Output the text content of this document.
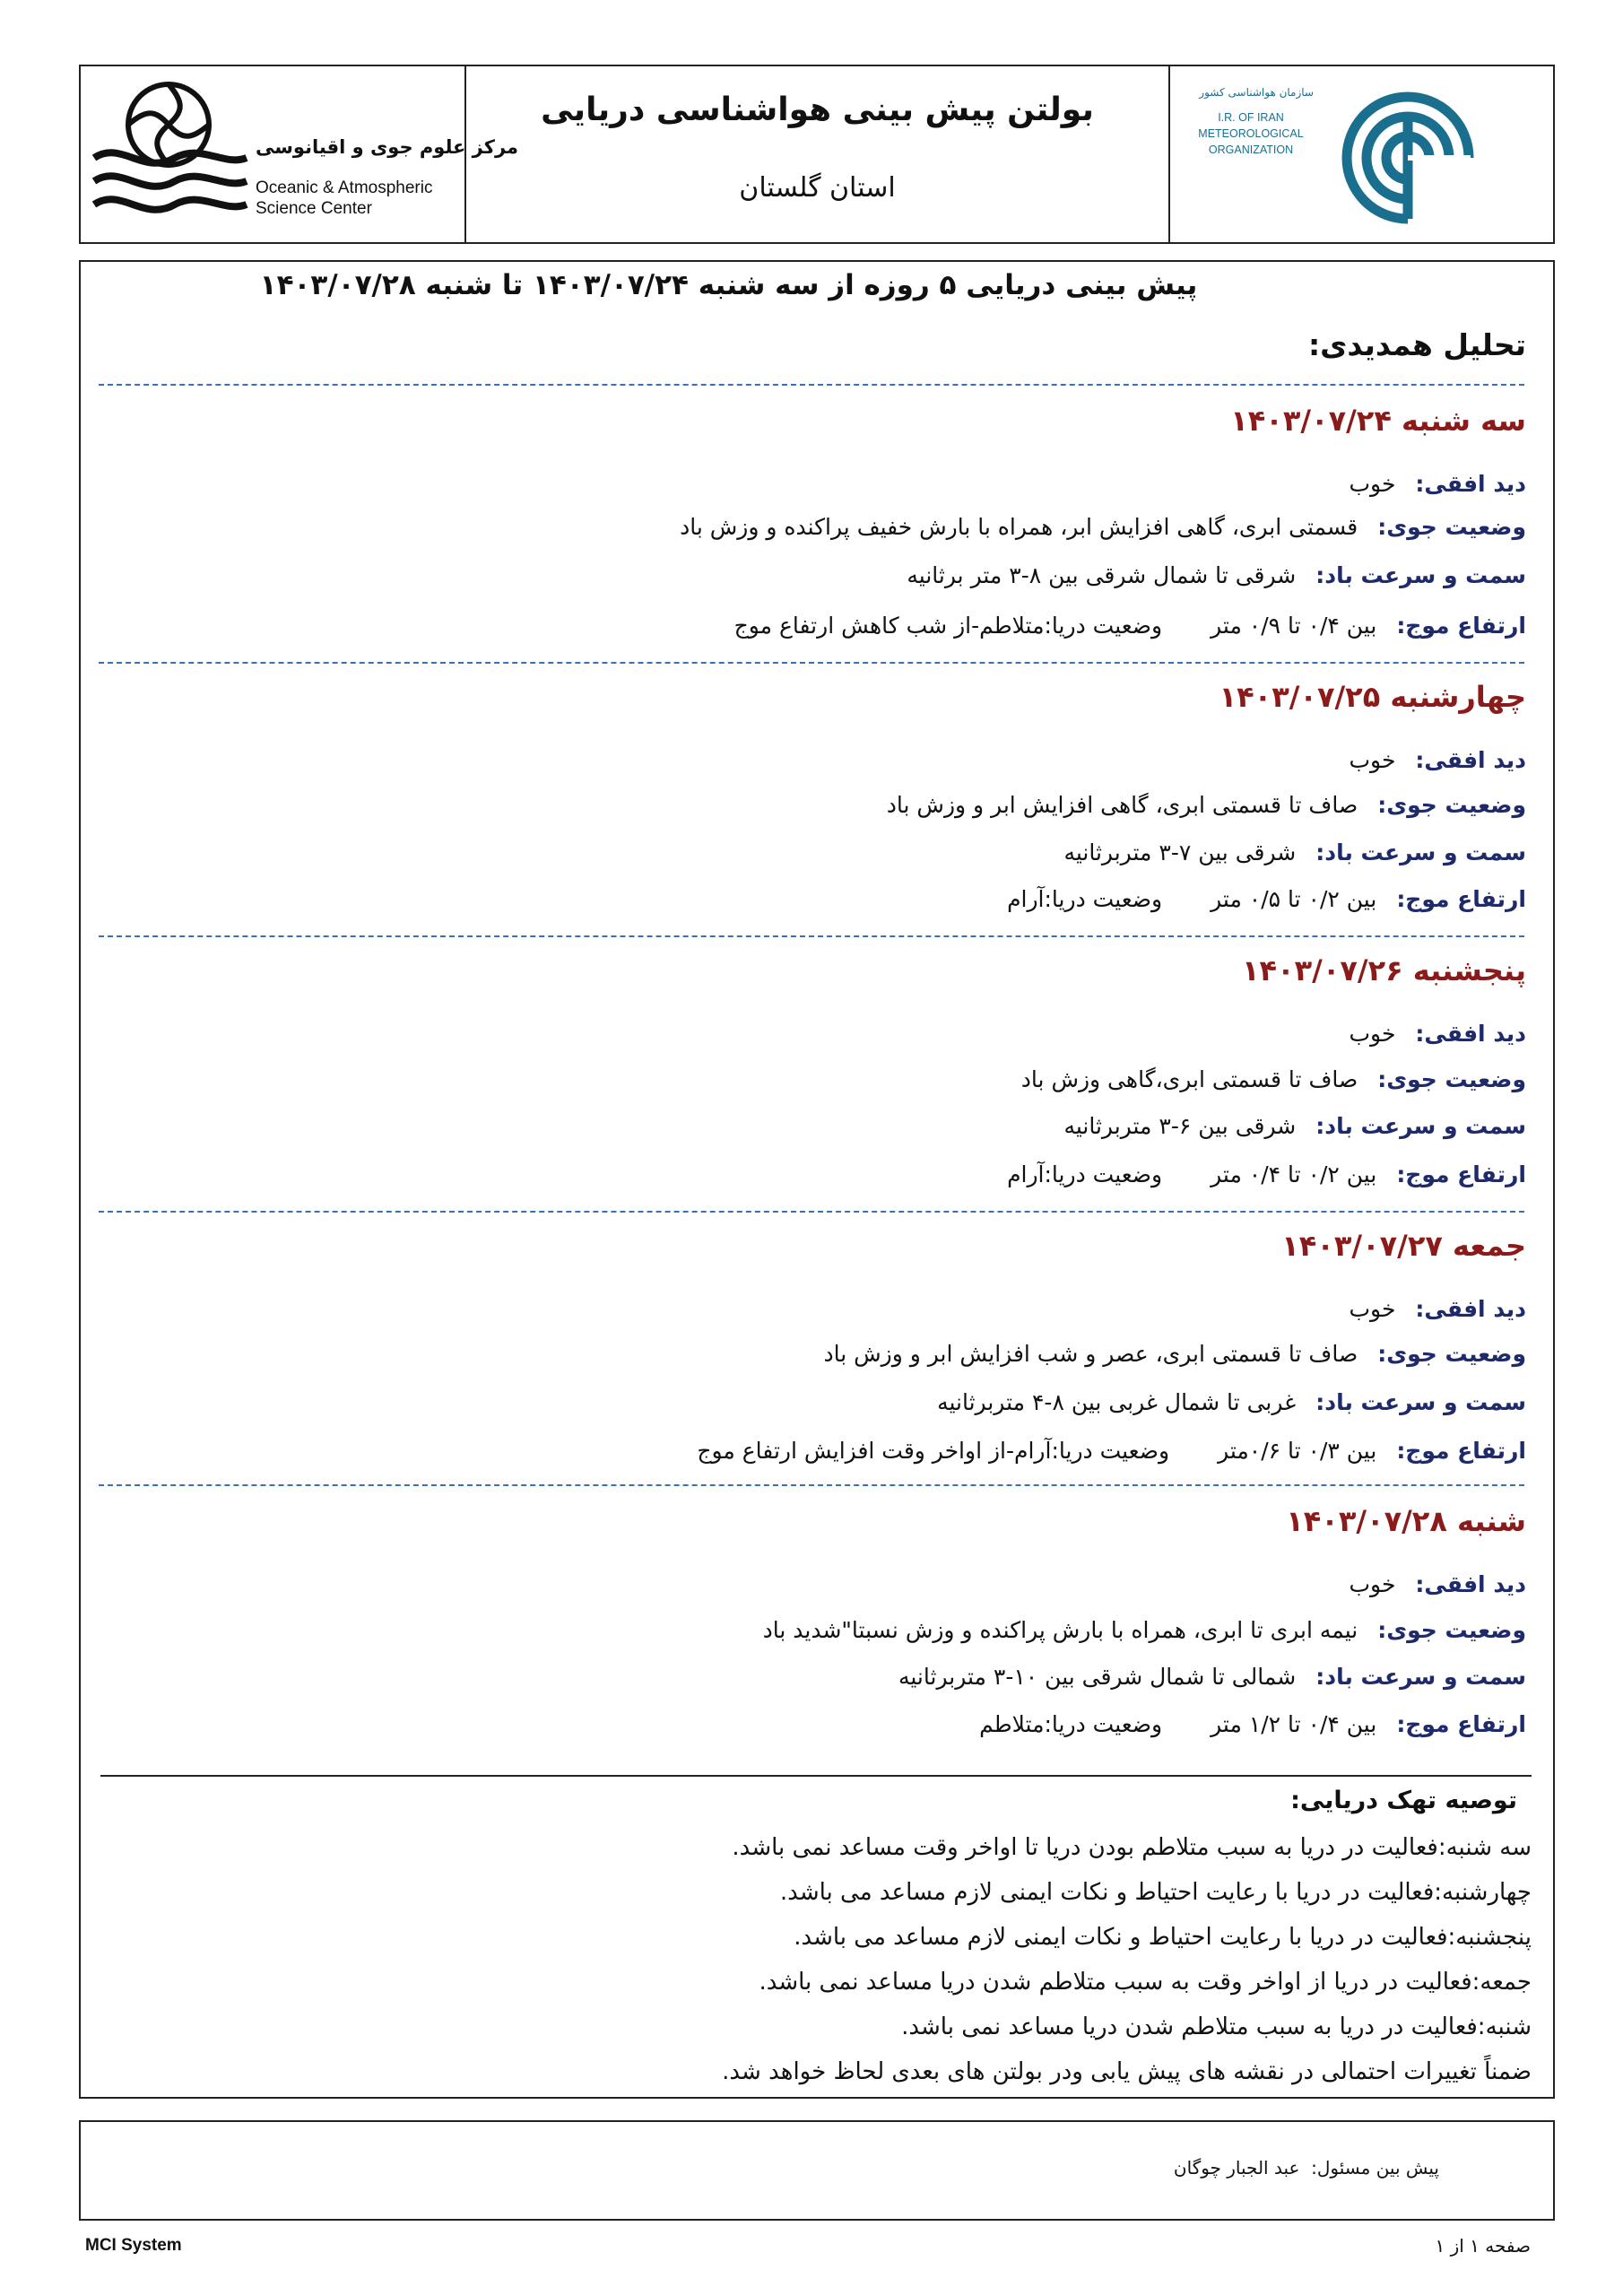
مرکز علوم جوی و اقیانوسی
Oceanic & Atmospheric
Science Center
بولتن پیش بینی هواشناسی دریایی
استان گلستان
سازمان هواشناسی کشور
I.R. OF IRAN
METEOROLOGICAL
ORGANIZATION
پیش بینی دریایی ۵ روزه از سه شنبه ۱۴۰۳/۰۷/۲۴ تا شنبه ۱۴۰۳/۰۷/۲۸
تحلیل همدیدی:
سه شنبه ۱۴۰۳/۰۷/۲۴
دید افقی:خوب
وضعیت جوی:قسمتی ابری، گاهی افزایش ابر، همراه با بارش خفیف پراکنده و وزش باد
سمت و سرعت باد:شرقی تا شمال شرقی بین ۸-۳ متر برثانیه
ارتفاع موج:بین ۰/۴ تا ۰/۹ متروضعیت دریا:متلاطم-از شب کاهش ارتفاع موج
چهارشنبه ۱۴۰۳/۰۷/۲۵
دید افقی:خوب
وضعیت جوی:صاف تا قسمتی ابری، گاهی افزایش ابر و وزش باد
سمت و سرعت باد:شرقی بین ۷-۳ متربرثانیه
ارتفاع موج:بین ۰/۲ تا ۰/۵ متروضعیت دریا:آرام
پنجشنبه ۱۴۰۳/۰۷/۲۶
دید افقی:خوب
وضعیت جوی:صاف تا قسمتی ابری،گاهی وزش باد
سمت و سرعت باد:شرقی بین ۶-۳ متربرثانیه
ارتفاع موج:بین ۰/۲ تا ۰/۴ متروضعیت دریا:آرام
جمعه ۱۴۰۳/۰۷/۲۷
دید افقی:خوب
وضعیت جوی:صاف تا قسمتی ابری، عصر و شب افزایش ابر و وزش باد
سمت و سرعت باد:غربی تا شمال غربی بین ۸-۴ متربرثانیه
ارتفاع موج:بین ۰/۳ تا ۰/۶متروضعیت دریا:آرام-از اواخر وقت افزایش ارتفاع موج
شنبه ۱۴۰۳/۰۷/۲۸
دید افقی:خوب
وضعیت جوی:نیمه ابری تا ابری، همراه با بارش پراکنده و وزش نسبتا"شدید باد
سمت و سرعت باد:شمالی تا شمال شرقی بین ۱۰-۳ متربرثانیه
ارتفاع موج:بین ۰/۴ تا ۱/۲ متروضعیت دریا:متلاطم
توصیه تهک دریایی:
سه شنبه:فعالیت در دریا به سبب متلاطم بودن دریا تا اواخر وقت مساعد نمی باشد.
چهارشنبه:فعالیت در دریا با رعایت احتیاط و نکات ایمنی لازم مساعد می باشد.
پنجشنبه:فعالیت در دریا با رعایت احتیاط و نکات ایمنی لازم مساعد می باشد.
جمعه:فعالیت در دریا از اواخر وقت به سبب متلاطم شدن دریا مساعد نمی باشد.
شنبه:فعالیت در دریا به سبب متلاطم شدن دریا مساعد نمی باشد.
ضمناً تغییرات احتمالی در نقشه های پیش یابی ودر بولتن های بعدی لحاظ خواهد شد.
پیش بین مسئول:  عبد الجبار چوگان
MCI System	صفحه ۱ از ۱
